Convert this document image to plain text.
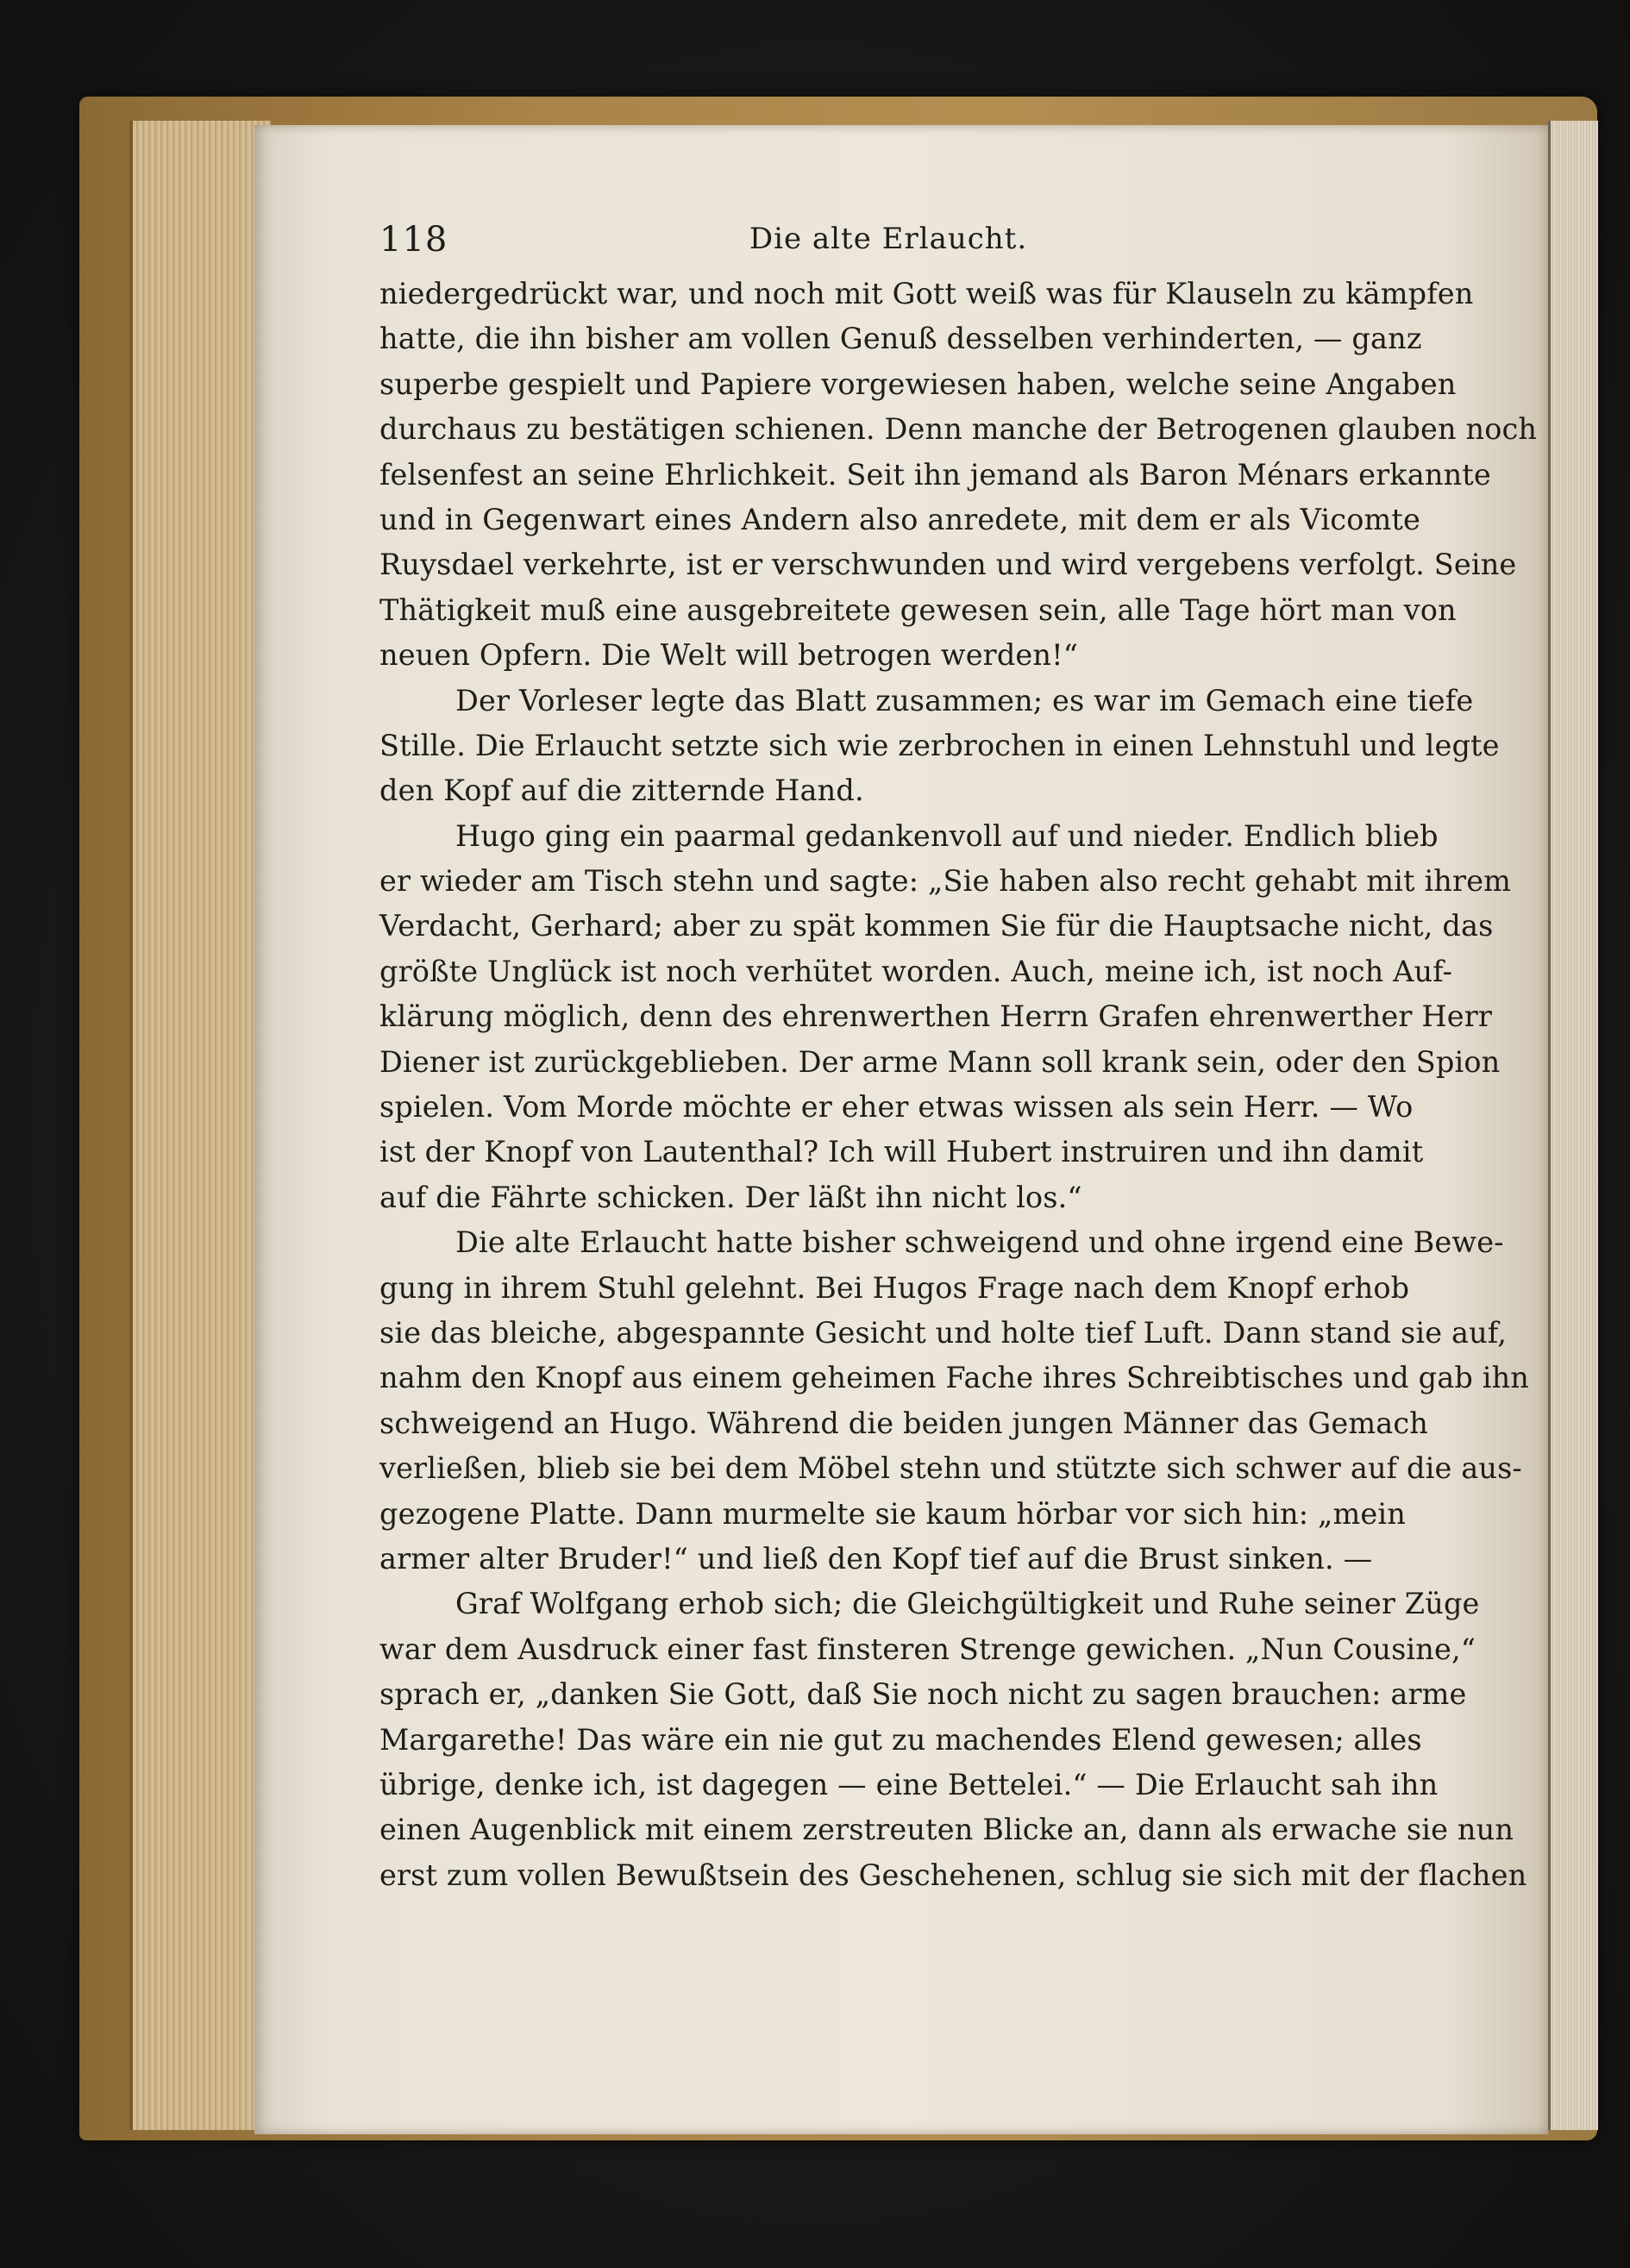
118	Die alte Erlaucht.
niedergedrückt war, und noch mit Gott weiß was für Klauseln zu kämpfen
hatte, die ihn bisher am vollen Genuß desselben verhinderten, — ganz
superbe gespielt und Papiere vorgewiesen haben, welche seine Angaben
durchaus zu bestätigen schienen. Denn manche der Betrogenen glauben noch
felsenfest an seine Ehrlichkeit. Seit ihn jemand als Baron Ménars erkannte
und in Gegenwart eines Andern also anredete, mit dem er als Vicomte
Ruysdael verkehrte, ist er verschwunden und wird vergebens verfolgt. Seine
Thätigkeit muß eine ausgebreitete gewesen sein, alle Tage hört man von
neuen Opfern. Die Welt will betrogen werden!“
Der Vorleser legte das Blatt zusammen; es war im Gemach eine tiefe
Stille. Die Erlaucht setzte sich wie zerbrochen in einen Lehnstuhl und legte
den Kopf auf die zitternde Hand.
Hugo ging ein paarmal gedankenvoll auf und nieder. Endlich blieb
er wieder am Tisch stehn und sagte: „Sie haben also recht gehabt mit ihrem
Verdacht, Gerhard; aber zu spät kommen Sie für die Hauptsache nicht, das
größte Unglück ist noch verhütet worden. Auch, meine ich, ist noch Auf-
klärung möglich, denn des ehrenwerthen Herrn Grafen ehrenwerther Herr
Diener ist zurückgeblieben. Der arme Mann soll krank sein, oder den Spion
spielen. Vom Morde möchte er eher etwas wissen als sein Herr. — Wo
ist der Knopf von Lautenthal? Ich will Hubert instruiren und ihn damit
auf die Fährte schicken. Der läßt ihn nicht los.“
Die alte Erlaucht hatte bisher schweigend und ohne irgend eine Bewe-
gung in ihrem Stuhl gelehnt. Bei Hugos Frage nach dem Knopf erhob
sie das bleiche, abgespannte Gesicht und holte tief Luft. Dann stand sie auf,
nahm den Knopf aus einem geheimen Fache ihres Schreibtisches und gab ihn
schweigend an Hugo. Während die beiden jungen Männer das Gemach
verließen, blieb sie bei dem Möbel stehn und stützte sich schwer auf die aus-
gezogene Platte. Dann murmelte sie kaum hörbar vor sich hin: „mein
armer alter Bruder!“ und ließ den Kopf tief auf die Brust sinken. —
Graf Wolfgang erhob sich; die Gleichgültigkeit und Ruhe seiner Züge
war dem Ausdruck einer fast finsteren Strenge gewichen. „Nun Cousine,“
sprach er, „danken Sie Gott, daß Sie noch nicht zu sagen brauchen: arme
Margarethe! Das wäre ein nie gut zu machendes Elend gewesen; alles
übrige, denke ich, ist dagegen — eine Bettelei.“ — Die Erlaucht sah ihn
einen Augenblick mit einem zerstreuten Blicke an, dann als erwache sie nun
erst zum vollen Bewußtsein des Geschehenen, schlug sie sich mit der flachen
